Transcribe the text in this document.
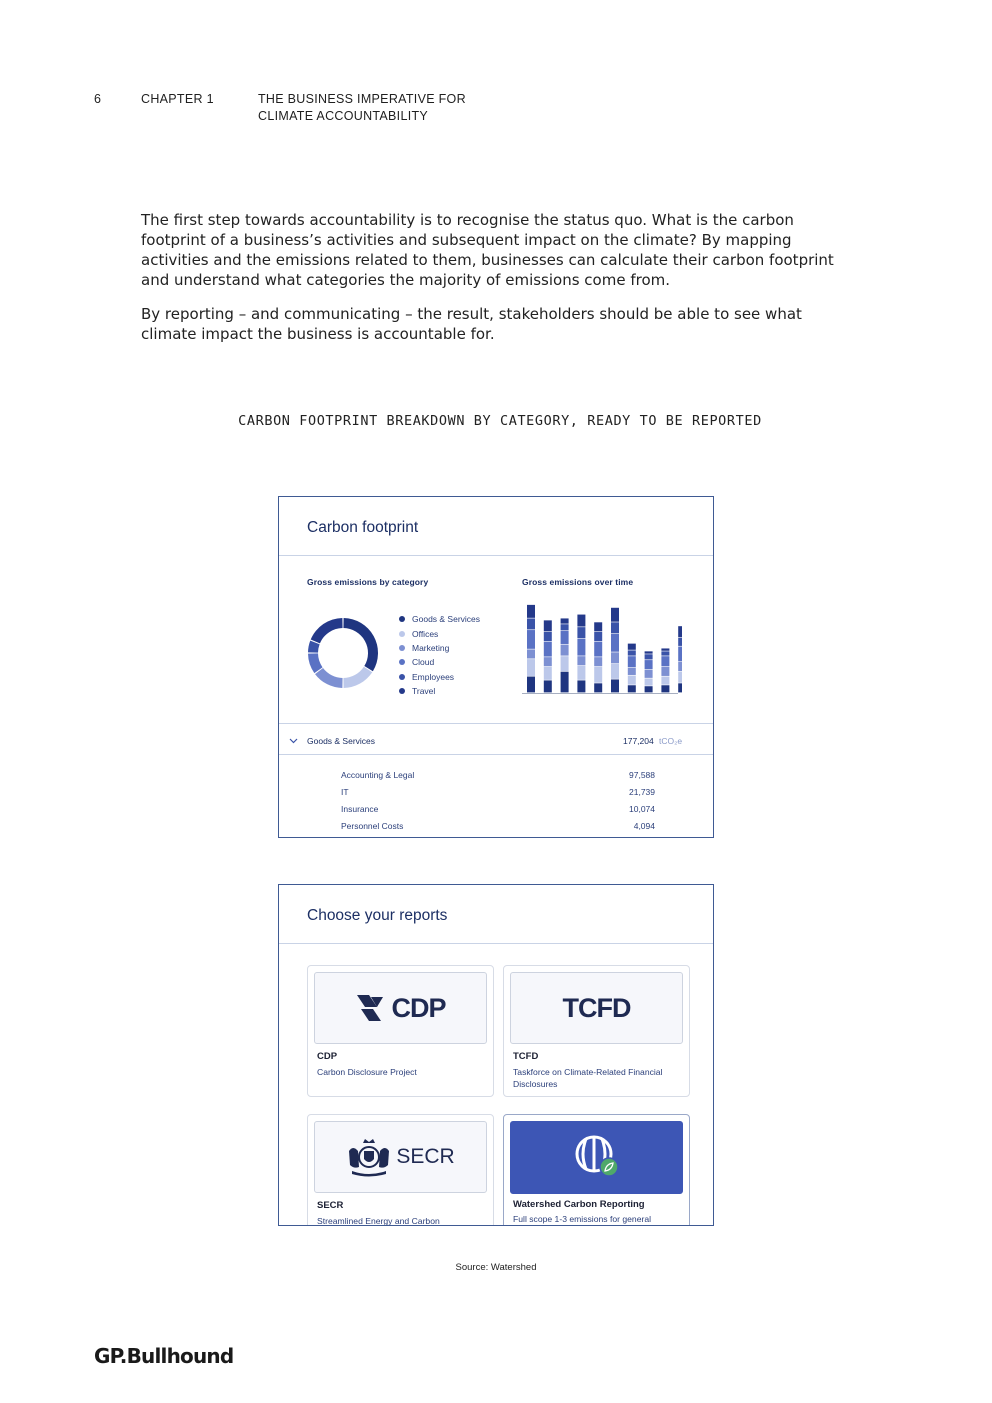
6	CHAPTER 1	THE BUSINESS IMPERATIVE FOR
CLIMATE ACCOUNTABILITY

The first step towards accountability is to recognise the status quo. What is the carbon footprint of a business’s activities and subsequent impact on the climate? By mapping activities and the emissions related to them, businesses can calculate their carbon footprint and understand what categories the majority of emissions come from.

By reporting – and communicating – the result, stakeholders should be able to see what climate impact the business is accountable for.

CARBON FOOTPRINT BREAKDOWN BY CATEGORY, READY TO BE REPORTED
Carbon footprint
Gross emissions by category	Gross emissions over time
Goods & Services
Offices
Marketing
Cloud
Employees
Travel
Goods & Services	177,204 tCO₂e
Accounting & Legal	97,588
IT	21,739
Insurance	10,074
Personnel Costs	4,094
Choose your reports
CDP
CDP
Carbon Disclosure Project
TCFD
TCFD
Taskforce on Climate-Related Financial Disclosures
SECR
SECR
Streamlined Energy and Carbon
Watershed Carbon Reporting
Full scope 1-3 emissions for general
Source: Watershed
GP.Bullhound
